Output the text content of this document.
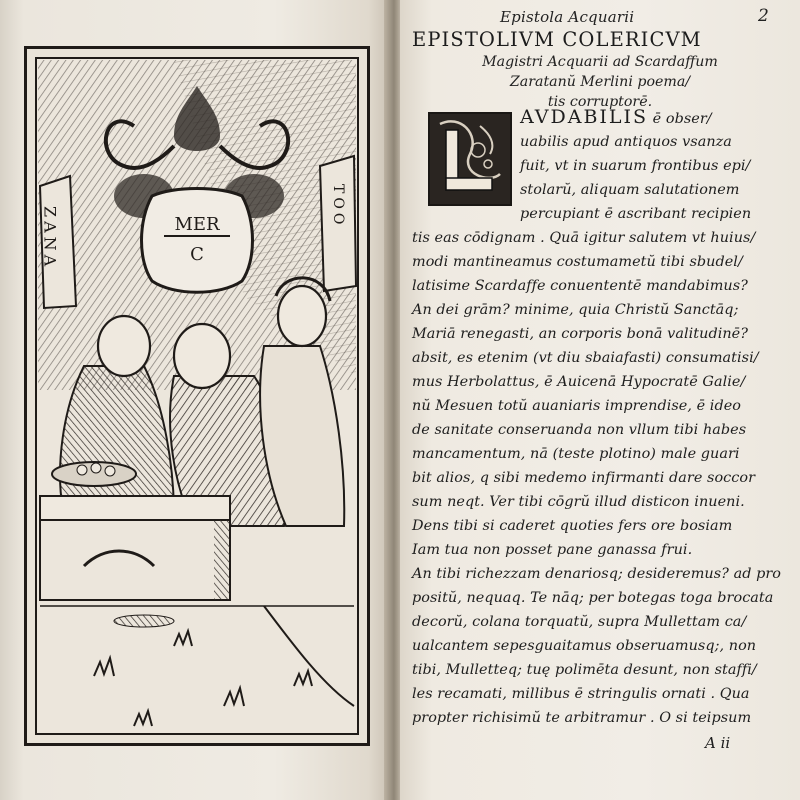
MER
C
ZANA	TOO
Epistola Acquarii	2
EPISTOLIVM COLERICVM
Magistri Acquarii ad Scardaffum
Zaratanŭ Merlini poema/
tis corruptorē.
AVDABILIS ē obser/
uabilis apud antiquos vsanza
fuit, vt in suarum frontibus epi/
stolarŭ, aliquam salutationem
percupiant ē ascribant recipien
tis eas cōdignam . Quā igitur salutem vt huius/
modi mantineamus costumametŭ tibi sbudel/
latisime Scardaffe conuententē mandabimus?
An dei grām? minime, quia Christŭ Sanctāq;
Mariā renegasti, an corporis bonā valitudinē?
absit, es etenim (vt diu sbaiafasti) consumatisi/
mus Herbolattus, ē Auicenā Hypocratē Galie/
nŭ Mesuen totŭ auaniaris imprendise, ē ideo
de sanitate conseruanda non vllum tibi habes
mancamentum, nā (teste plotino) male guari
bit alios, q sibi medemo infirmanti dare soccor
sum neqt. Ver tibi cōgrŭ illud disticon inueni.
Dens tibi si caderet quoties fers ore bosiam
Iam tua non posset pane ganassa frui.
An tibi richezzam denariosq; desideremus? ad pro
positŭ, nequaq. Te nāq; per botegas toga brocata
decorŭ, colana torquatŭ, supra Mullettam ca/
ualcantem sepesguaitamus obseruamusq;, non
tibi, Mulletteq; tuę polimēta desunt, non staffi/
les recamati, millibus ē stringulis ornati . Qua
propter richisimŭ te arbitramur . O si teipsum
A ii
